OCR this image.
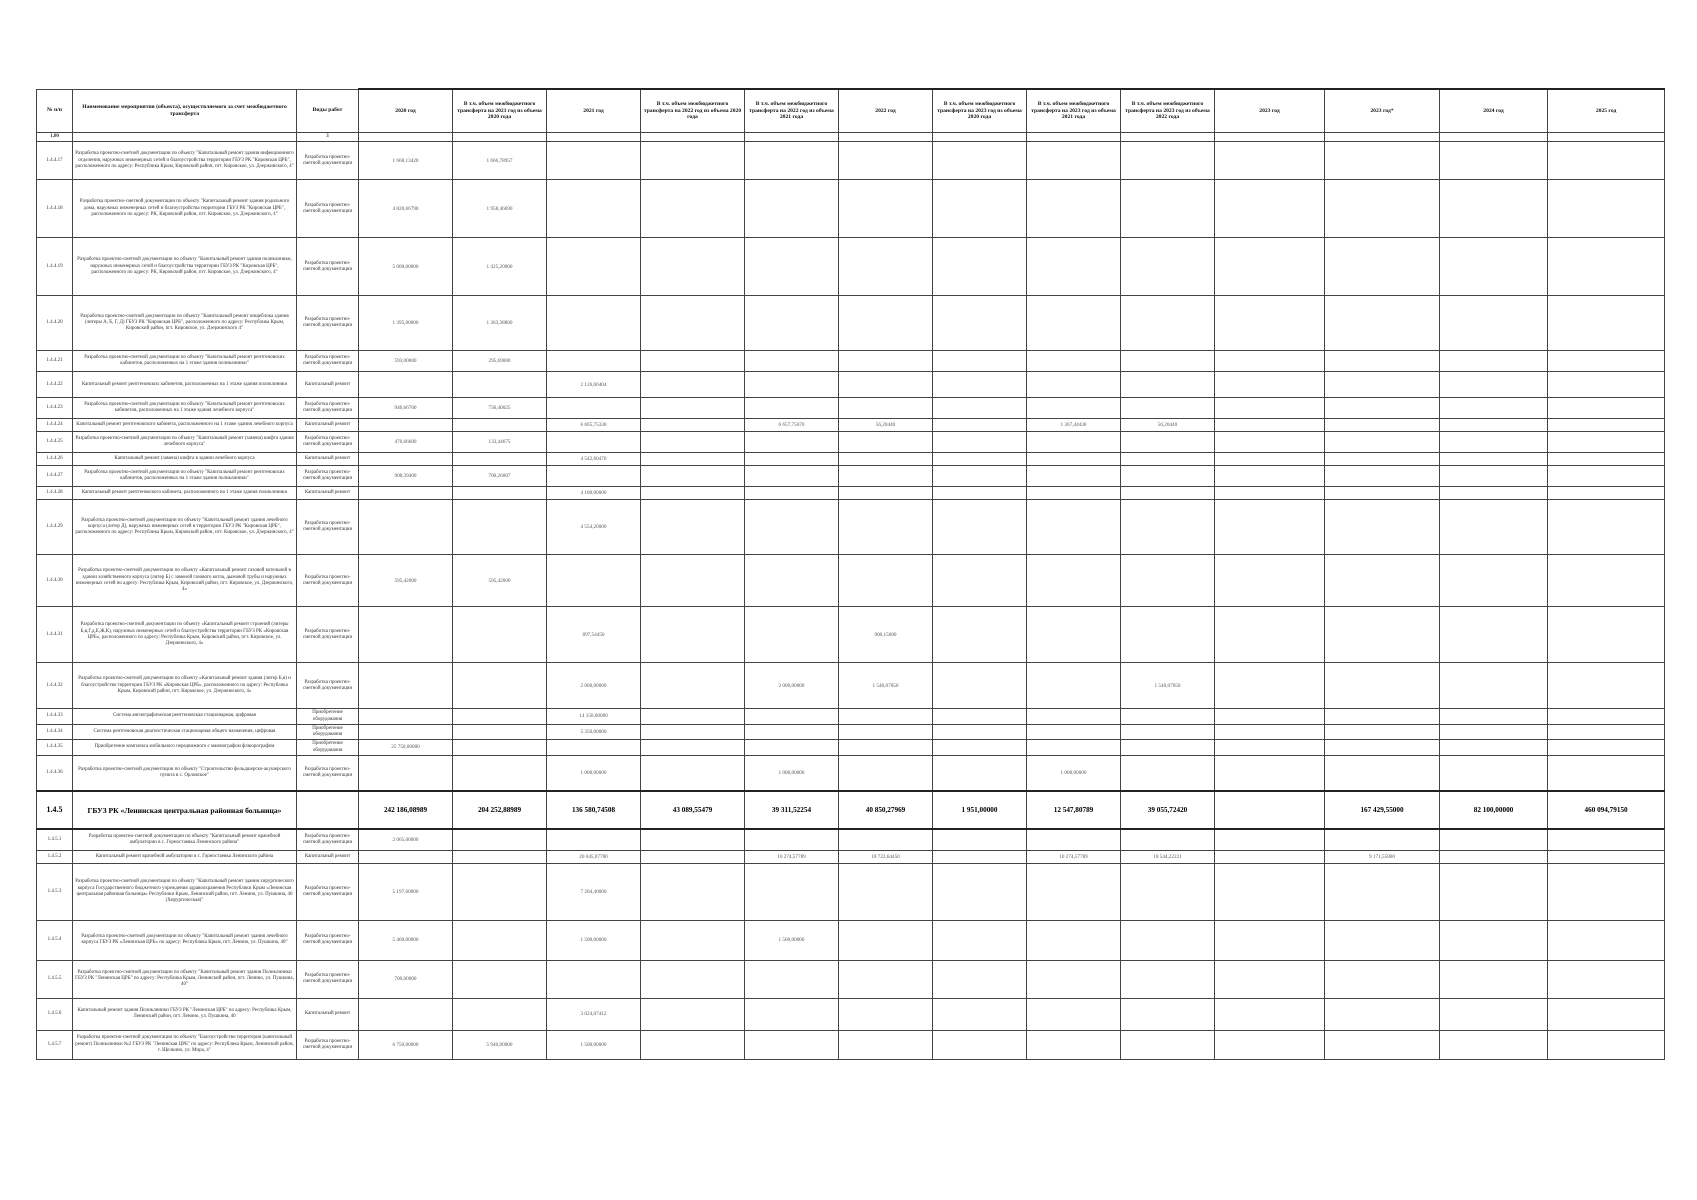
№ п/п	Наименование мероприятия (объекта), осуществляемого за счет межбюджетного трансферта	Виды работ	2020 год	В т.ч. объем межбюджетного трансферта на 2021 год из объема 2020 года	2021 год	В т.ч. объем межбюджетного трансферта на 2022 год из объема 2020 года	В т.ч. объем межбюджетного трансферта на 2022 год из объема 2021 года	2022 год	В т.ч. объем межбюджетного трансферта на 2023 год из объема 2020 года	В т.ч. объем межбюджетного трансферта на 2023 год из объема 2021 года	В т.ч. объем межбюджетного трансферта на 2023 год из объема 2022 года	2023 год	2023 год*	2024 год	2025 год	
1,00		3														
1.4.4.17	Разработка проектно-сметной документации по объекту "Капитальный ремонт здания инфекционного отделения, наружных инженерных сетей и благоустройства территории ГБУЗ РК "Кировская ЦРБ", расположенного по адресу: Республика Крым, Кировский район, пгт. Кировское, ул. Дзержинского, 4"	Разработка проектно-сметной документации	1 668,13420	1 666,78957												
1.4.4.18	Разработка проектно-сметной документации по объекту "Капитальный ремонт здания родильного дома, наружных инженерных сетей и благоустройства территории ГБУЗ РК "Кировская ЦРБ", расположенного по адресу: РК, Кировский район, пгт. Кировское, ул. Дзержинского, 4"	Разработка проектно-сметной документации	4 820,66790	1 958,46690												
1.4.4.19	Разработка проектно-сметной документации по объекту "Капитальный ремонт здания поликлиники, наружных инженерных сетей и благоустройства территории ГБУЗ РК "Кировская ЦРБ", расположенного по адресу: РК, Кировский район, пгт. Кировское, ул. Дзержинского, 4"	Разработка проектно-сметной документации	5 000,00000	1 425,20000												
1.4.4.20	Разработка проектно-сметной документации по объекту "Капитальный ремонт пищеблока здания (литеры А, Б, Г, Д) ГБУЗ РК "Кировская ЦРБ", расположенного по адресу: Республика Крым, Кировский район, пгт. Кировское, ул. Дзержинского 4"	Разработка проектно-сметной документации	1 395,00000	1 363,38800												
1.4.4.21	Разработка проектно-сметной документации по объекту "Капитальный ремонт рентгеновских кабинетов, расположенных на 1 этаже здания поликлиники"	Разработка проектно-сметной документации	593,00000	295,69000												
1.4.4.22	Капитальный ремонт рентгеновских кабинетов, расположенных на 1 этаже здания поликлиники	Капитальный ремонт			2 126,66404											
1.4.4.23	Разработка проектно-сметной документации по объекту "Капитальный ремонт рентгеновских кабинетов, расположенных на 1 этаже здания лечебного корпуса"	Разработка проектно-сметной документации	946,66700	736,40025												
1.4.4.24	Капитальный ремонт рентгеновского кабинета, расположенного на 1 этаже здания лечебного корпуса	Капитальный ремонт			6 665,75330		6 657,75670	56,20440		1 367,44430	56,20440					
1.4.4.25	Разработка проектно-сметной документации по объекту "Капитальный ремонт (замена) шифта здания лечебного корпуса"	Разработка проектно-сметной документации	476,66600	133,44675												
1.4.4.26	Капитальный ремонт (замена) шифта в здании лечебного корпуса	Капитальный ремонт			4 542,60470											
1.4.4.27	Разработка проектно-сметной документации по объекту "Капитальный ремонт рентгеновских кабинетов, расположенных на 1 этаже здания поликлиники"	Разработка проектно-сметной документации	908,39400	700,26007												
1.4.4.28	Капитальный ремонт рентгеновского кабинета, расположенного на 1 этаже здания поликлиники	Капитальный ремонт			4 100,00000											
1.4.4.29	Разработка проектно-сметной документации по объекту "Капитальный ремонт здания лечебного корпуса (литер Д), наружных инженерных сетей и территории ГБУЗ РК "Кировская ЦРБ", расположенного по адресу: Республика Крым, Кировский район, пгт. Кировское, ул. Дзержинского, 4"	Разработка проектно-сметной документации			4 554,20000											
1.4.4.30	Разработка проектно-сметной документации по объекту «Капитальный ремонт газовой котельной в здании хозяйственного корпуса (литер Б) с заменой газового котла, дымовой трубы и наружных инженерных сетей по адресу: Республика Крым, Кировский район, пгт. Кировское, ул. Дзержинского, 4»	Разработка проектно-сметной документации	595,42000	595,42000												
1.4.4.31	Разработка проектно-сметной документации по объекту «Капитальный ремонт строений (литеры Б,в,Г,д,Е,Ж,К), наружных инженерных сетей и благоустройства территории ГБУЗ РК «Кировская ЦРБ», расположенного по адресу: Республика Крым, Кировский район, пгт. Кировское, ул. Дзержинского, 4»	Разработка проектно-сметной документации			897,54450			900,15000								
1.4.4.32	Разработка проектно-сметной документации по объекту «Капитальный ремонт здания (литер Б,в) и благоустройство территории ГБУЗ РК «Кировская ЦРБ», расположенного по адресу: Республика Крым, Кировский район, пгт. Кировское, ул. Дзержинского, 4»	Разработка проектно-сметной документации			2 000,00000		2 000,00000	1 540,07050			1 540,07050					
1.4.4.33	Система ангиографическая рентгеновская стационарная, цифровая	Приобретение оборудования			14 150,00000											
1.4.4.34	Система рентгеновская диагностическая стационарная общего назначения, цифровая	Приобретение оборудования			5 350,00000											
1.4.4.35	Приобретение комплекса мобильного передвижного с маммографом флюорографом	Приобретение оборудования	25 750,00000													
1.4.4.36	Разработка проектно-сметной документации по объекту "Строительство фельдшерско-акушерского пункта в с. Орловское"	Разработка проектно-сметной документации			1 000,00000		1 000,00000			1 000,00000						
1.4.5	ГБУЗ РК «Ленинская центральная районная больница»		242 186,08989	204 252,88989	136 580,74508	43 089,55479	39 311,52254	40 850,27969	1 951,00000	12 547,80789	39 055,72420		167 429,55000	82 100,00000	460 094,79150	
1.4.5.1	Разработка проектно-сметной документации по объекту "Капитальный ремонт врачебной амбулатории в с. Горностаевка Ленинского района"	Разработка проектно-сметной документации	2 065,00000													
1.4.5.2	Капитальный ремонт врачебной амбулатории в с. Горностаевка Ленинского района	Капитальный ремонт			20 045,07780		10 274,57789	18 722,64450		10 274,57789	18 544,22221		9 171,55000			
1.4.5.3	Разработка проектно-сметной документации по объекту "Капитальный ремонт здания хирургического корпуса Государственного бюджетного учреждения здравоохранения Республики Крым «Ленинская центральная районная больница» Республики Крым, Ленинский район, пгт. Ленино, ул. Пушкина, 40 (Хирургическая)"	Разработка проектно-сметной документации	5 197,60000		7 204,40000											
1.4.5.4	Разработка проектно-сметной документации по объекту "Капитальный ремонт здания лечебного корпуса ГБУЗ РК «Ленинская ЦРБ» по адресу: Республика Крым, пгт. Ленино, ул. Пушкина, 40"	Разработка проектно-сметной документации	5 460,00000		1 500,00000		1 500,00000									
1.4.5.5	Разработка проектно-сметной документации по объекту "Капитальный ремонт здания Поликлиники ГБУЗ РК "Ленинская ЦРБ" по адресу: Республика Крым, Ленинский район, пгт. Ленино, ул. Пушкина, 40"	Разработка проектно-сметной документации	700,00000													
1.4.5.6	Капитальный ремонт здания Поликлиники ГБУЗ РК "Ленинская ЦРБ" по адресу: Республика Крым, Ленинский район, пгт. Ленино, ул. Пушкина, 40	Капитальный ремонт			3 024,07412											
1.4.5.7	Разработка проектно-сметной документации по объекту "Благоустройство территории (капитальный ремонт) Поликлиники №2 ГБУЗ РК "Ленинская ЦРБ" по адресу: Республика Крым, Ленинский район, г. Щелкино, ул. Мира, 4"	Разработка проектно-сметной документации	6 750,00000	5 940,00000	1 500,00000											
